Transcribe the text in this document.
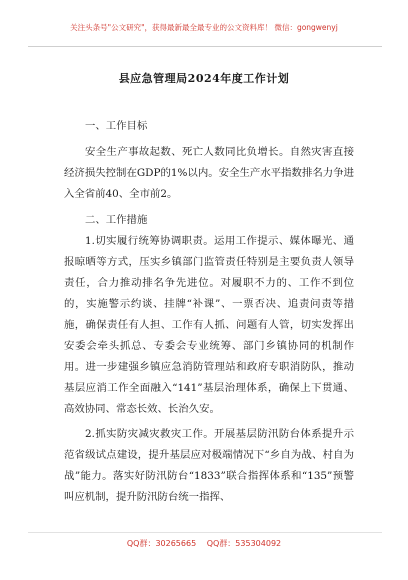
关注头条号"公文研究"，获得最新最全最专业的公文资料库！ 微信：gongwenyj
县应急管理局2024年度工作计划

一、工作目标

安全生产事故起数、死亡人数同比负增长。自然灾害直接经济损失控制在GDP的1%以内。安全生产水平指数排名力争进入全省前40、全市前2。

二、工作措施

1.切实履行统筹协调职责。运用工作提示、媒体曝光、通报晾晒等方式，压实乡镇部门监管责任特别是主要负责人领导责任，合力推动排名争先进位。对履职不力的、工作不到位的，实施警示约谈、挂牌“补课”、一票否决、追责问责等措施，确保责任有人担、工作有人抓、问题有人管，切实发挥出安委会牵头抓总、专委会专业统筹、部门乡镇协同的机制作用。进一步建强乡镇应急消防管理站和政府专职消防队，推动基层应消工作全面融入“141”基层治理体系，确保上下贯通、高效协同、常态长效、长治久安。

2.抓实防灾减灾救灾工作。开展基层防汛防台体系提升示范省级试点建设，提升基层应对极端情况下“乡自为战、村自为战”能力。落实好防汛防台“1833”联合指挥体系和“135”预警叫应机制，提升防汛防台统一指挥、

QQ群：30265665 QQ群：535304092
